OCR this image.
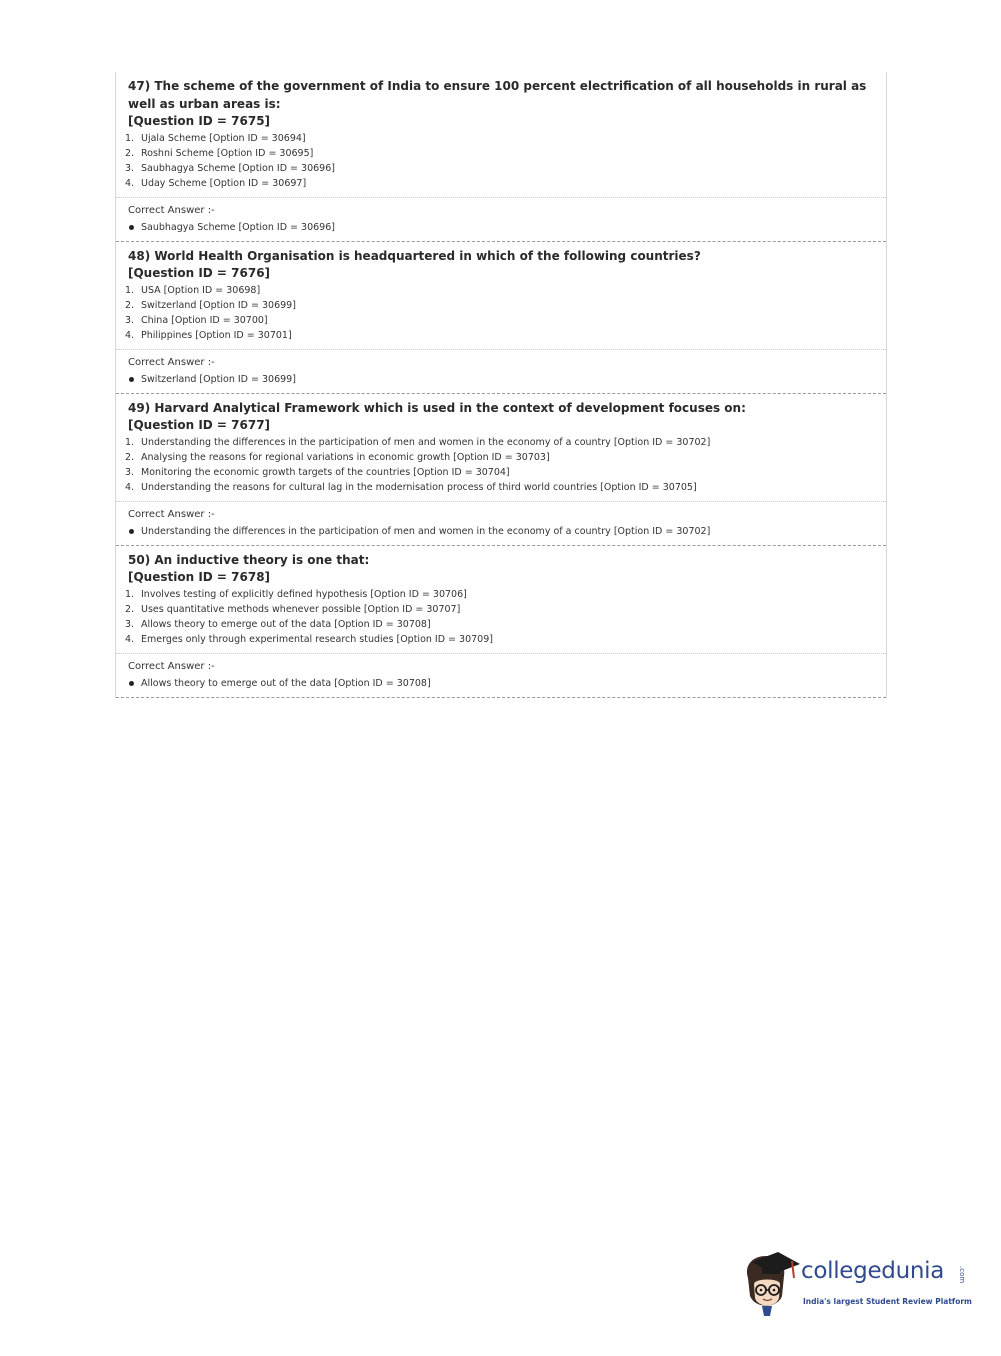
47) The scheme of the government of India to ensure 100 percent electrification of all households in rural as well as urban areas is:
[Question ID = 7675]
1. Ujala Scheme [Option ID = 30694]
2. Roshni Scheme [Option ID = 30695]
3. Saubhagya Scheme [Option ID = 30696]
4. Uday Scheme [Option ID = 30697]
Correct Answer :-
Saubhagya Scheme [Option ID = 30696]
48) World Health Organisation is headquartered in which of the following countries?
[Question ID = 7676]
1. USA [Option ID = 30698]
2. Switzerland [Option ID = 30699]
3. China [Option ID = 30700]
4. Philippines [Option ID = 30701]
Correct Answer :-
Switzerland [Option ID = 30699]
49) Harvard Analytical Framework which is used in the context of development focuses on:
[Question ID = 7677]
1. Understanding the differences in the participation of men and women in the economy of a country [Option ID = 30702]
2. Analysing the reasons for regional variations in economic growth [Option ID = 30703]
3. Monitoring the economic growth targets of the countries [Option ID = 30704]
4. Understanding the reasons for cultural lag in the modernisation process of third world countries [Option ID = 30705]
Correct Answer :-
Understanding the differences in the participation of men and women in the economy of a country [Option ID = 30702]
50) An inductive theory is one that:
[Question ID = 7678]
1. Involves testing of explicitly defined hypothesis [Option ID = 30706]
2. Uses quantitative methods whenever possible [Option ID = 30707]
3. Allows theory to emerge out of the data [Option ID = 30708]
4. Emerges only through experimental research studies [Option ID = 30709]
Correct Answer :-
Allows theory to emerge out of the data [Option ID = 30708]
collegedunia .com
India's largest Student Review Platform
